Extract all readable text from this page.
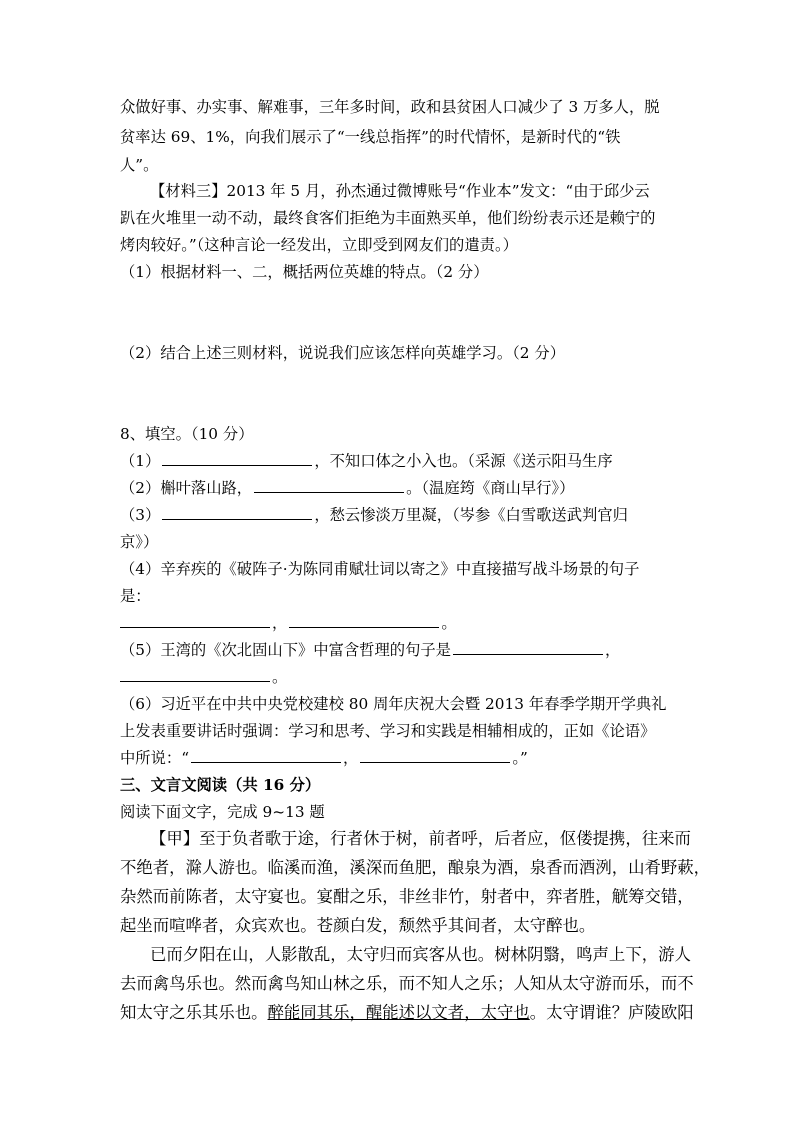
众做好事、办实事、解难事，三年多时间，政和县贫困人口减少了 3 万多人，脱
贫率达 69、1%，向我们展示了“一线总指挥”的时代情怀，是新时代的“铁
人”。
【材料三】2013 年 5 月，孙杰通过微博账号“作业本”发文：“由于邱少云
趴在火堆里一动不动，最终食客们拒绝为丰面熟买单，他们纷纷表示还是赖宁的
烤肉较好。”（这种言论一经发出，立即受到网友们的遣责。）
（1）根据材料一、二，概括两位英雄的特点。（2 分）
（2）结合上述三则材料，说说我们应该怎样向英雄学习。（2 分）
8、填空。（10 分）
（1）	，不知口体之小入也。（采源《送示阳马生序
（2）槲叶落山路，	。（温庭筠《商山早行》）
（3）	，愁云惨淡万里凝，（岑参《白雪歌送武判官归
京》）
（4）辛弃疾的《破阵子·为陈同甫赋壮词以寄之》中直接描写战斗场景的句子
是：
，	。
（5）王湾的《次北固山下》中富含哲理的句子是	，
。
（6）习近平在中共中央党校建校 80 周年庆祝大会暨 2013 年春季学期开学典礼
上发表重要讲话时强调：学习和思考、学习和实践是相辅相成的，正如《论语》
中所说：“	，	。”
三、文言文阅读（共 16 分）
阅读下面文字，完成 9~13 题
【甲】至于负者歌于途，行者休于树，前者呼，后者应，伛偻提携，往来而
不绝者，滁人游也。临溪而渔，溪深而鱼肥，酿泉为酒，泉香而酒洌，山肴野蔌，
杂然而前陈者，太守宴也。宴酣之乐，非丝非竹，射者中，弈者胜，觥筹交错，
起坐而喧哗者，众宾欢也。苍颜白发，颓然乎其间者，太守醉也。
已而夕阳在山，人影散乱，太守归而宾客从也。树林阴翳，鸣声上下，游人
去而禽鸟乐也。然而禽鸟知山林之乐，而不知人之乐；人知从太守游而乐，而不
知太守之乐其乐也。醉能同其乐，醒能述以文者，太守也。太守谓谁？庐陵欧阳
